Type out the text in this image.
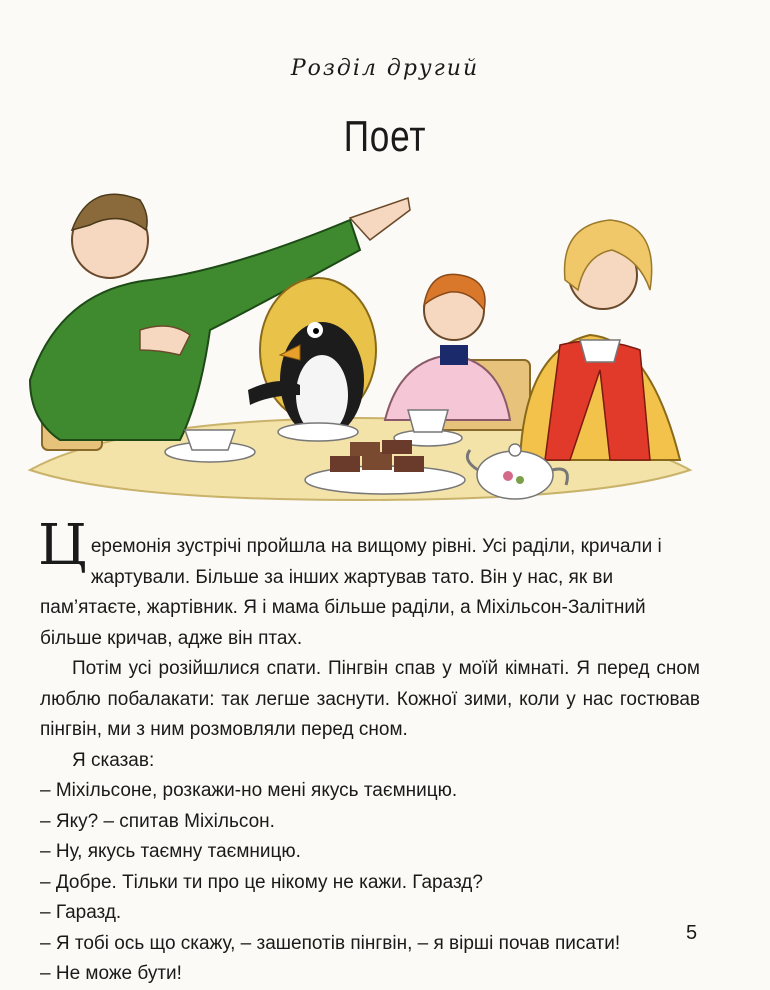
Розділ другий
Поет

Церемонія зустрічі пройшла на вищому рівні. Усі раділи, кричали і жартували. Більше за інших жартував тато. Він у нас, як ви пам’ятаєте, жартівник. Я і мама більше раділи, а Міхільсон-Залітний більше кричав, адже він птах.

Потім усі розійшлися спати. Пінгвін спав у моїй кімнаті. Я перед сном люблю побалакати: так легше заснути. Кожної зими, коли у нас гостював пінгвін, ми з ним розмовляли перед сном.

Я сказав:

– Міхільсоне, розкажи-но мені якусь таємницю.

– Яку? – спитав Міхільсон.

– Ну, якусь таємну таємницю.

– Добре. Тільки ти про це нікому не кажи. Гаразд?

– Гаразд.

– Я тобі ось що скажу, – зашепотів пінгвін, – я вірші почав писати!

– Не може бути!

5
